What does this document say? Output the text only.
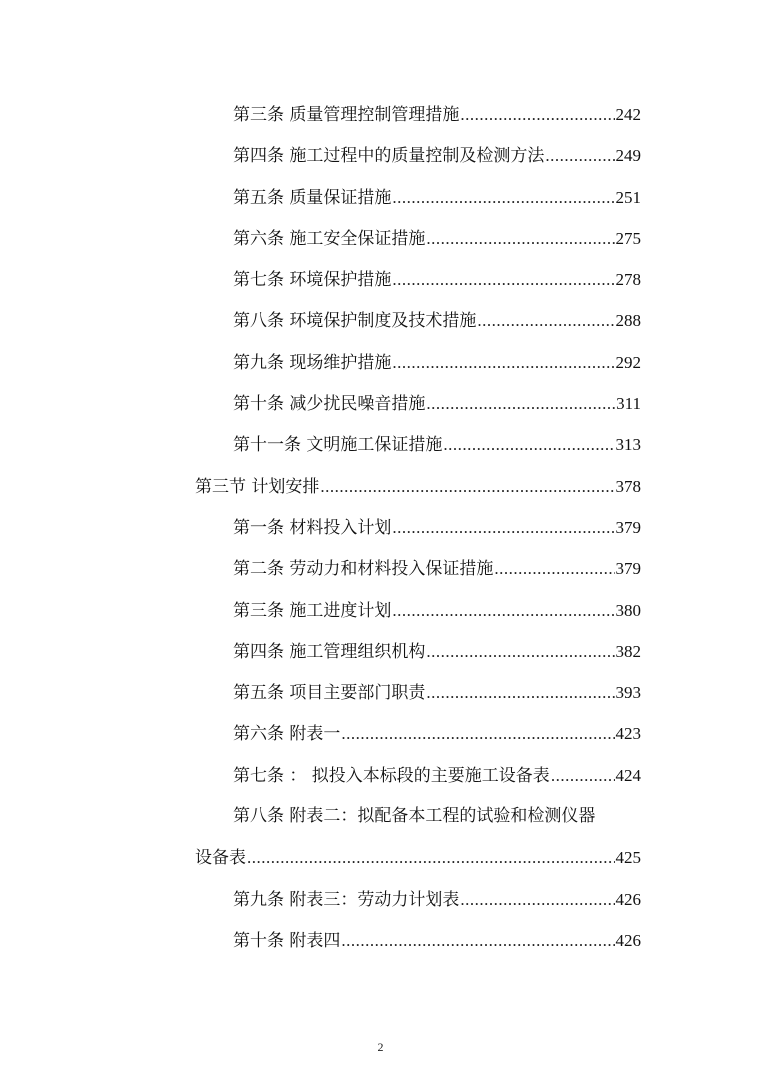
第三条 质量管理控制管理措施 .....	242
第四条 施工过程中的质量控制及检测方法 .....	249
第五条 质量保证措施 .....	251
第六条 施工安全保证措施 .....	275
第七条 环境保护措施 .....	278
第八条 环境保护制度及技术措施 .....	288
第九条 现场维护措施 .....	292
第十条 减少扰民噪音措施 .....	311
第十一条 文明施工保证措施 .....	313
第三节 计划安排 .....	378
第一条 材料投入计划 .....	379
第二条 劳动力和材料投入保证措施 .....	379
第三条 施工进度计划 .....	380
第四条 施工管理组织机构 .....	382
第五条 项目主要部门职责 .....	393
第六条 附表一 .....	423
第七条 ： 拟投入本标段的主要施工设备表 .....	424
第八条 附表二：拟配备本工程的试验和检测仪器
设备表 .....	425
第九条 附表三：劳动力计划表 .....	426
第十条 附表四 .....	426
2
